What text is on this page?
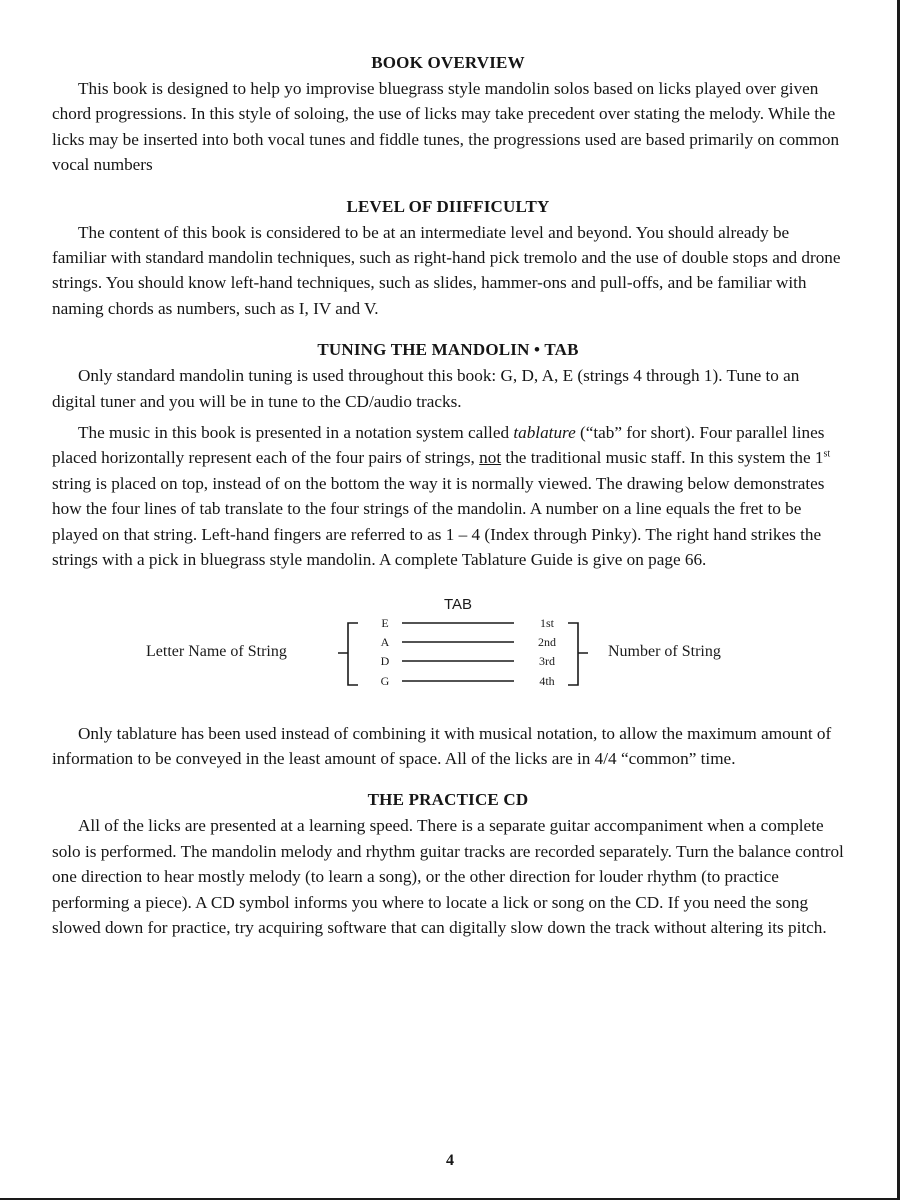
BOOK OVERVIEW

This book is designed to help yo improvise bluegrass style mandolin solos based on licks played over given chord progressions. In this style of soloing, the use of licks may take precedent over stating the melody. While the licks may be inserted into both vocal tunes and fiddle tunes, the progressions used are based primarily on common vocal numbers

LEVEL OF DIIFFICULTY

The content of this book is considered to be at an intermediate level and beyond. You should already be familiar with standard mandolin techniques, such as right-hand pick tremolo and the use of double stops and drone strings. You should know left-hand techniques, such as slides, hammer-ons and pull-offs, and be familiar with naming chords as numbers, such as I, IV and V.

TUNING THE MANDOLIN • TAB

Only standard mandolin tuning is used throughout this book: G, D, A, E (strings 4 through 1). Tune to an digital tuner and you will be in tune to the CD/audio tracks.

The music in this book is presented in a notation system called tablature (“tab” for short). Four parallel lines placed horizontally represent each of the four pairs of strings, not the traditional music staff. In this system the 1st string is placed on top, instead of on the bottom the way it is normally viewed. The drawing below demonstrates how the four lines of tab translate to the four strings of the mandolin. A number on a line equals the fret to be played on that string. Left-hand fingers are referred to as 1 – 4 (Index through Pinky). The right hand strikes the strings with a pick in bluegrass style mandolin. A complete Tablature Guide is give on page 66.

TAB
Letter Name of String
E
A
D
G
1st
2nd
3rd
4th
Number of String

Only tablature has been used instead of combining it with musical notation, to allow the maximum amount of information to be conveyed in the least amount of space. All of the licks are in 4/4 “common” time.

THE PRACTICE CD

All of the licks are presented at a learning speed. There is a separate guitar accompaniment when a complete solo is performed. The mandolin melody and rhythm guitar tracks are recorded separately. Turn the balance control one direction to hear mostly melody (to learn a song), or the other direction for louder rhythm (to practice performing a piece). A CD symbol informs you where to locate a lick or song on the CD. If you need the song slowed down for practice, try acquiring software that can digitally slow down the track without altering its pitch.

4
